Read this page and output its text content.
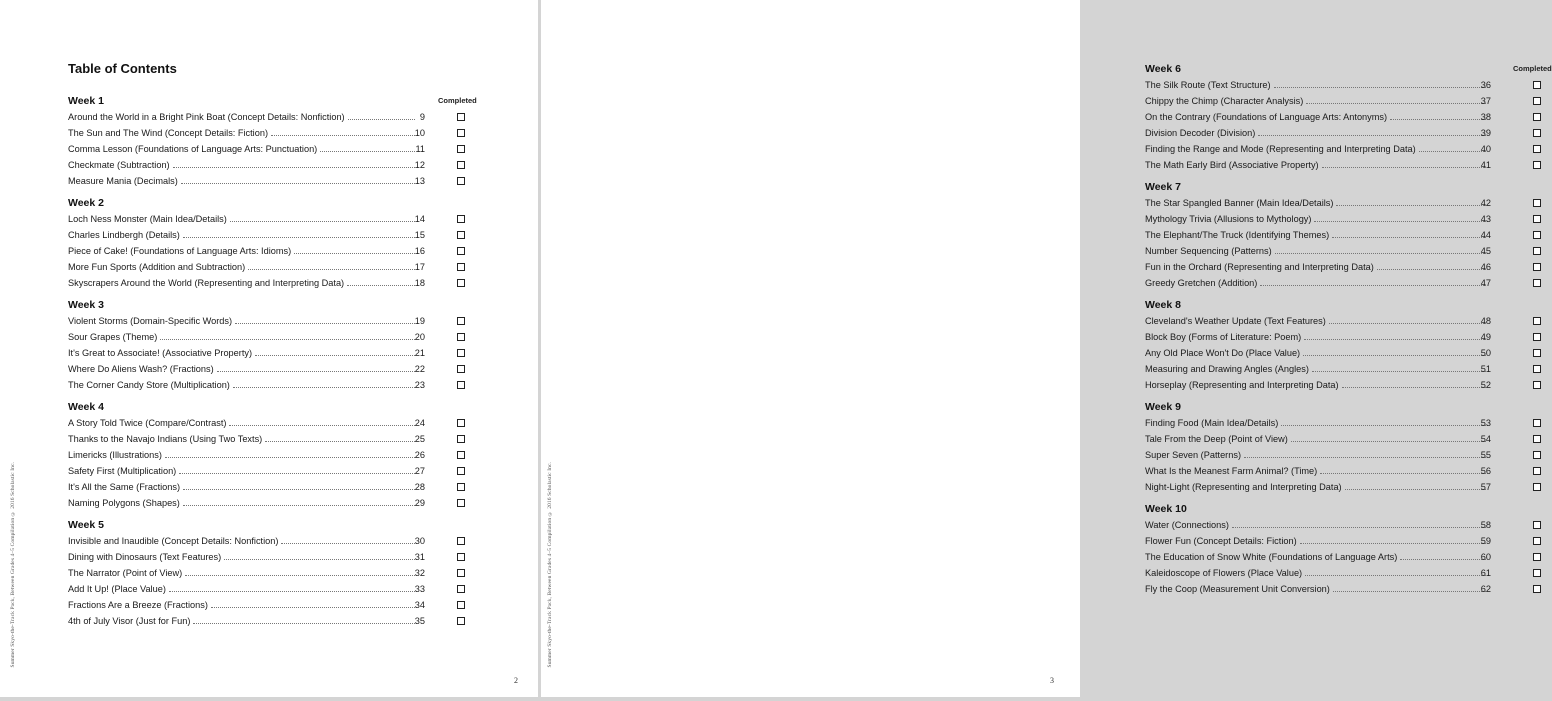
Summer Skyo-the-Track Pack, Between Grades 4–5 Compilation © 2016 Scholastic Inc.
Table of Contents
Completed
Week 1
Around the World in a Bright Pink Boat (Concept Details: Nonfiction)	9
The Sun and The Wind (Concept Details: Fiction)	10
Comma Lesson (Foundations of Language Arts: Punctuation)	11
Checkmate (Subtraction)	12
Measure Mania (Decimals)	13
Week 2
Loch Ness Monster (Main Idea/Details)	14
Charles Lindbergh (Details)	15
Piece of Cake! (Foundations of Language Arts: Idioms)	16
More Fun Sports (Addition and Subtraction)	17
Skyscrapers Around the World (Representing and Interpreting Data)	18
Week 3
Violent Storms (Domain-Specific Words)	19
Sour Grapes (Theme)	20
It's Great to Associate! (Associative Property)	21
Where Do Aliens Wash? (Fractions)	22
The Corner Candy Store (Multiplication)	23
Week 4
A Story Told Twice (Compare/Contrast)	24
Thanks to the Navajo Indians (Using Two Texts)	25
Limericks (Illustrations)	26
Safety First (Multiplication)	27
It's All the Same (Fractions)	28
Naming Polygons (Shapes)	29
Week 5
Invisible and Inaudible (Concept Details: Nonfiction)	30
Dining with Dinosaurs (Text Features)	31
The Narrator (Point of View)	32
Add It Up! (Place Value)	33
Fractions Are a Breeze (Fractions)	34
4th of July Visor (Just for Fun)	35
2
Summer Skyo-the-Track Pack, Between Grades 4–5 Compilation © 2016 Scholastic Inc.
Completed
Week 6
The Silk Route (Text Structure)	36
Chippy the Chimp (Character Analysis)	37
On the Contrary (Foundations of Language Arts: Antonyms)	38
Division Decoder (Division)	39
Finding the Range and Mode (Representing and Interpreting Data)	40
The Math Early Bird (Associative Property)	41
Week 7
The Star Spangled Banner (Main Idea/Details)	42
Mythology Trivia (Allusions to Mythology)	43
The Elephant/The Truck (Identifying Themes)	44
Number Sequencing (Patterns)	45
Fun in the Orchard (Representing and Interpreting Data)	46
Greedy Gretchen (Addition)	47
Week 8
Cleveland's Weather Update (Text Features)	48
Block Boy (Forms of Literature: Poem)	49
Any Old Place Won't Do (Place Value)	50
Measuring and Drawing Angles (Angles)	51
Horseplay (Representing and Interpreting Data)	52
Week 9
Finding Food (Main Idea/Details)	53
Tale From the Deep (Point of View)	54
Super Seven (Patterns)	55
What Is the Meanest Farm Animal? (Time)	56
Night-Light (Representing and Interpreting Data)	57
Week 10
Water (Connections)	58
Flower Fun (Concept Details: Fiction)	59
The Education of Snow White (Foundations of Language Arts)	60
Kaleidoscope of Flowers (Place Value)	61
Fly the Coop (Measurement Unit Conversion)	62
3
